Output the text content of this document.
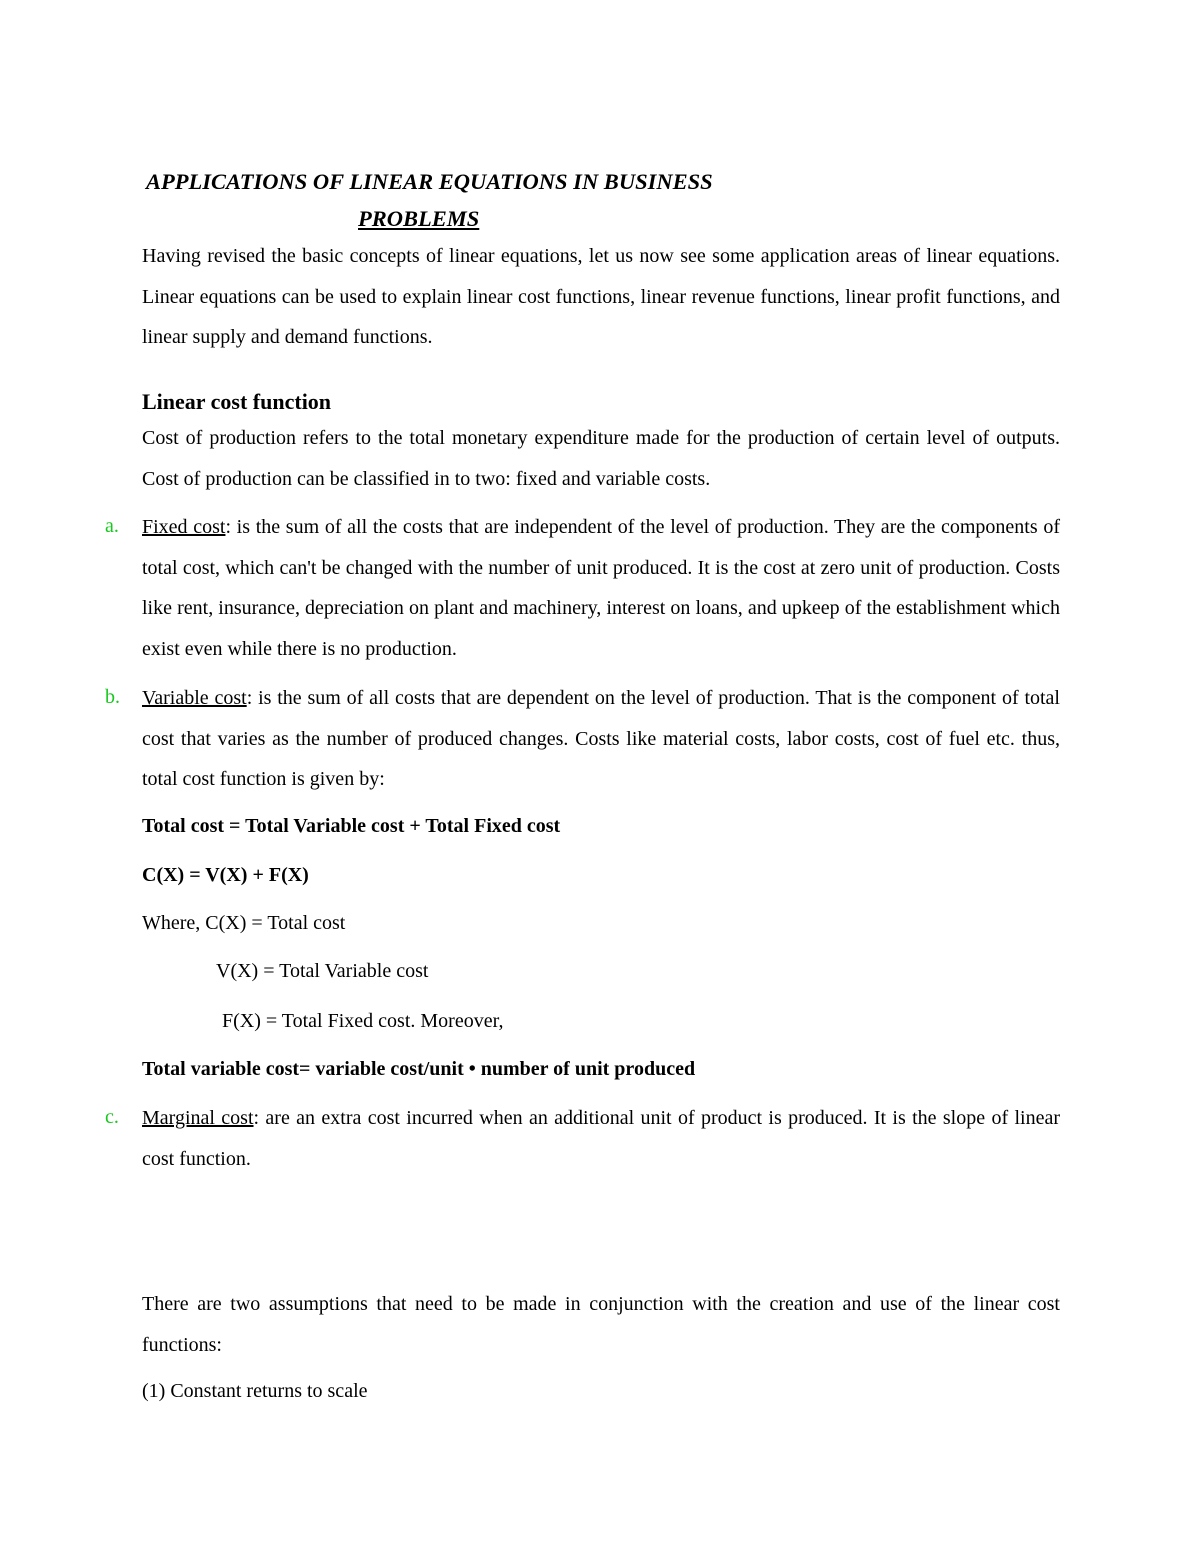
APPLICATIONS OF LINEAR EQUATIONS IN BUSINESS
PROBLEMS
Having revised the basic concepts of linear equations, let us now see some application areas of linear equations. Linear equations can be used to explain linear cost functions, linear revenue functions, linear profit functions, and linear supply and demand functions.
Linear cost function
Cost of production refers to the total monetary expenditure made for the production of certain level of outputs. Cost of production can be classified in to two: fixed and variable costs.
a. Fixed cost: is the sum of all the costs that are independent of the level of production. They are the components of total cost, which can't be changed with the number of unit produced. It is the cost at zero unit of production. Costs like rent, insurance, depreciation on plant and machinery, interest on loans, and upkeep of the establishment which exist even while there is no production.
b. Variable cost: is the sum of all costs that are dependent on the level of production. That is the component of total cost that varies as the number of produced changes. Costs like material costs, labor costs, cost of fuel etc. thus, total cost function is given by:
Total cost = Total Variable cost + Total Fixed cost
C(X) = V(X) + F(X)
Where, C(X) = Total cost
V(X) = Total Variable cost
F(X) = Total Fixed cost. Moreover,
Total variable cost= variable cost/unit • number of unit produced
c. Marginal cost: are an extra cost incurred when an additional unit of product is produced. It is the slope of linear cost function.
There are two assumptions that need to be made in conjunction with the creation and use of the linear cost functions:
(1) Constant returns to scale
